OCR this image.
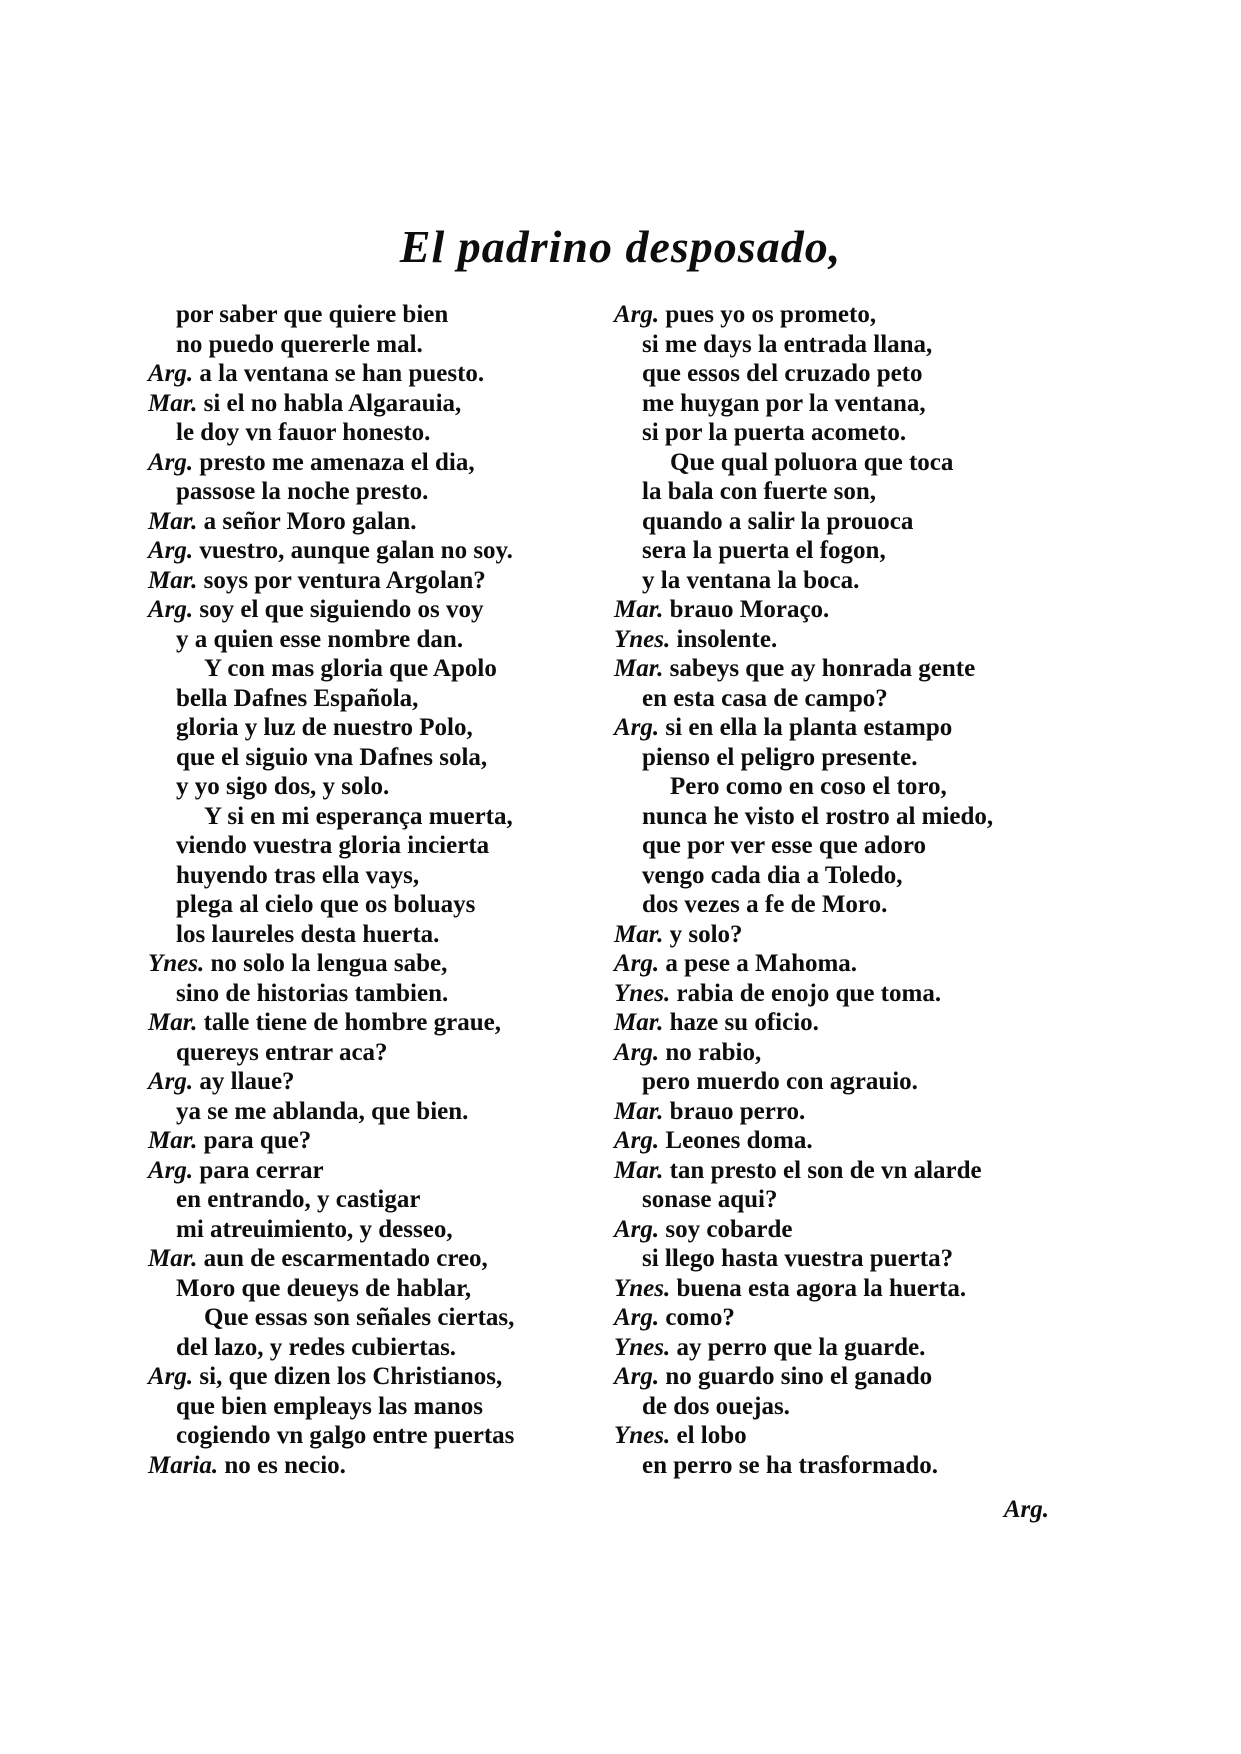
El padrino desposado,
por saber que quiere bien
no puedo quererle mal.
Arg. a la ventana se han puesto.
Mar. si el no habla Algarauia,
le doy vn fauor honesto.
Arg. presto me amenaza el dia,
passose la noche presto.
Mar. a señor Moro galan.
Arg. vuestro, aunque galan no soy.
Mar. soys por ventura Argolan?
Arg. soy el que siguiendo os voy
y a quien esse nombre dan.
Y con mas gloria que Apolo
bella Dafnes Española,
gloria y luz de nuestro Polo,
que el siguio vna Dafnes sola,
y yo sigo dos, y solo.
Y si en mi esperança muerta,
viendo vuestra gloria incierta
huyendo tras ella vays,
plega al cielo que os boluays
los laureles desta huerta.
Ynes. no solo la lengua sabe,
sino de historias tambien.
Mar. talle tiene de hombre graue,
quereys entrar aca?
Arg. ay llaue?
ya se me ablanda, que bien.
Mar. para que?
Arg. para cerrar
en entrando, y castigar
mi atreuimiento, y desseo,
Mar. aun de escarmentado creo,
Moro que deueys de hablar,
Que essas son señales ciertas,
del lazo, y redes cubiertas.
Arg. si, que dizen los Christianos,
que bien empleays las manos
cogiendo vn galgo entre puertas
Maria. no es necio.
Arg. pues yo os prometo,
si me days la entrada llana,
que essos del cruzado peto
me huygan por la ventana,
si por la puerta acometo.
Que qual poluora que toca
la bala con fuerte son,
quando a salir la prouoca
sera la puerta el fogon,
y la ventana la boca.
Mar. brauo Moraço.
Ynes. insolente.
Mar. sabeys que ay honrada gente
en esta casa de campo?
Arg. si en ella la planta estampo
pienso el peligro presente.
Pero como en coso el toro,
nunca he visto el rostro al miedo,
que por ver esse que adoro
vengo cada dia a Toledo,
dos vezes a fe de Moro.
Mar. y solo?
Arg. a pese a Mahoma.
Ynes. rabia de enojo que toma.
Mar. haze su oficio.
Arg. no rabio,
pero muerdo con agrauio.
Mar. brauo perro.
Arg. Leones doma.
Mar. tan presto el son de vn alarde
sonase aqui?
Arg. soy cobarde
si llego hasta vuestra puerta?
Ynes. buena esta agora la huerta.
Arg. como?
Ynes. ay perro que la guarde.
Arg. no guardo sino el ganado
de dos ouejas.
Ynes. el lobo
en perro se ha trasformado.
Arg.
